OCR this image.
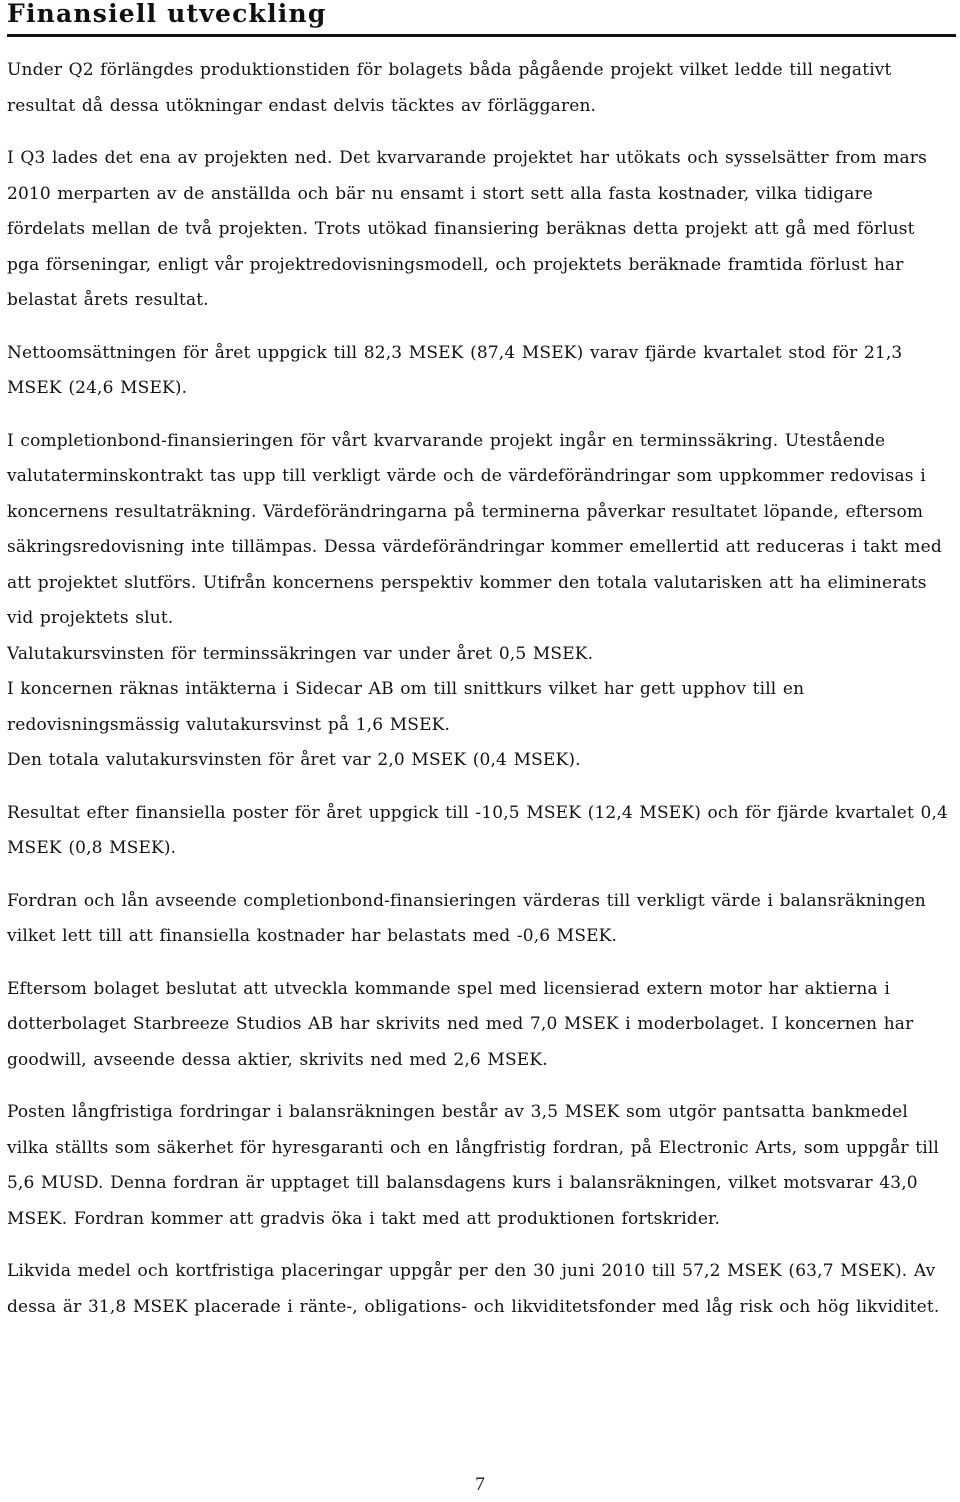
Finansiell utveckling

Under Q2 förlängdes produktionstiden för bolagets båda pågående projekt vilket ledde till negativt resultat då dessa utökningar endast delvis täcktes av förläggaren.

I Q3 lades det ena av projekten ned. Det kvarvarande projektet har utökats och sysselsätter from mars 2010 merparten av de anställda och bär nu ensamt i stort sett alla fasta kostnader, vilka tidigare fördelats mellan de två projekten. Trots utökad finansiering beräknas detta projekt att gå med förlust pga förseningar, enligt vår projektredovisningsmodell, och projektets beräknade framtida förlust har belastat årets resultat.

Nettoomsättningen för året uppgick till 82,3 MSEK (87,4 MSEK) varav fjärde kvartalet stod för 21,3 MSEK (24,6 MSEK).

I completionbond-finansieringen för vårt kvarvarande projekt ingår en terminssäkring. Utestående valutaterminskontrakt tas upp till verkligt värde och de värdeförändringar som uppkommer redovisas i koncernens resultaträkning. Värdeförändringarna på terminerna påverkar resultatet löpande, eftersom säkringsredovisning inte tillämpas. Dessa värdeförändringar kommer emellertid att reduceras i takt med att projektet slutförs. Utifrån koncernens perspektiv kommer den totala valutarisken att ha eliminerats vid projektets slut.

Valutakursvinsten för terminssäkringen var under året 0,5 MSEK.

I koncernen räknas intäkterna i Sidecar AB om till snittkurs vilket har gett upphov till en redovisningsmässig valutakursvinst på 1,6 MSEK.

Den totala valutakursvinsten för året var 2,0 MSEK (0,4 MSEK).

Resultat efter finansiella poster för året uppgick till -10,5 MSEK (12,4 MSEK) och för fjärde kvartalet 0,4 MSEK (0,8 MSEK).

Fordran och lån avseende completionbond-finansieringen värderas till verkligt värde i balansräkningen vilket lett till att finansiella kostnader har belastats med -0,6 MSEK.

Eftersom bolaget beslutat att utveckla kommande spel med licensierad extern motor har aktierna i dotterbolaget Starbreeze Studios AB har skrivits ned med 7,0 MSEK i moderbolaget. I koncernen har goodwill, avseende dessa aktier, skrivits ned med 2,6 MSEK.

Posten långfristiga fordringar i balansräkningen består av 3,5 MSEK som utgör pantsatta bankmedel vilka ställts som säkerhet för hyresgaranti och en långfristig fordran, på Electronic Arts, som uppgår till 5,6 MUSD. Denna fordran är upptaget till balansdagens kurs i balansräkningen, vilket motsvarar 43,0 MSEK. Fordran kommer att gradvis öka i takt med att produktionen fortskrider.

Likvida medel och kortfristiga placeringar uppgår per den 30 juni 2010 till 57,2 MSEK (63,7 MSEK). Av dessa är 31,8 MSEK placerade i ränte-, obligations- och likviditetsfonder med låg risk och hög likviditet.

7
